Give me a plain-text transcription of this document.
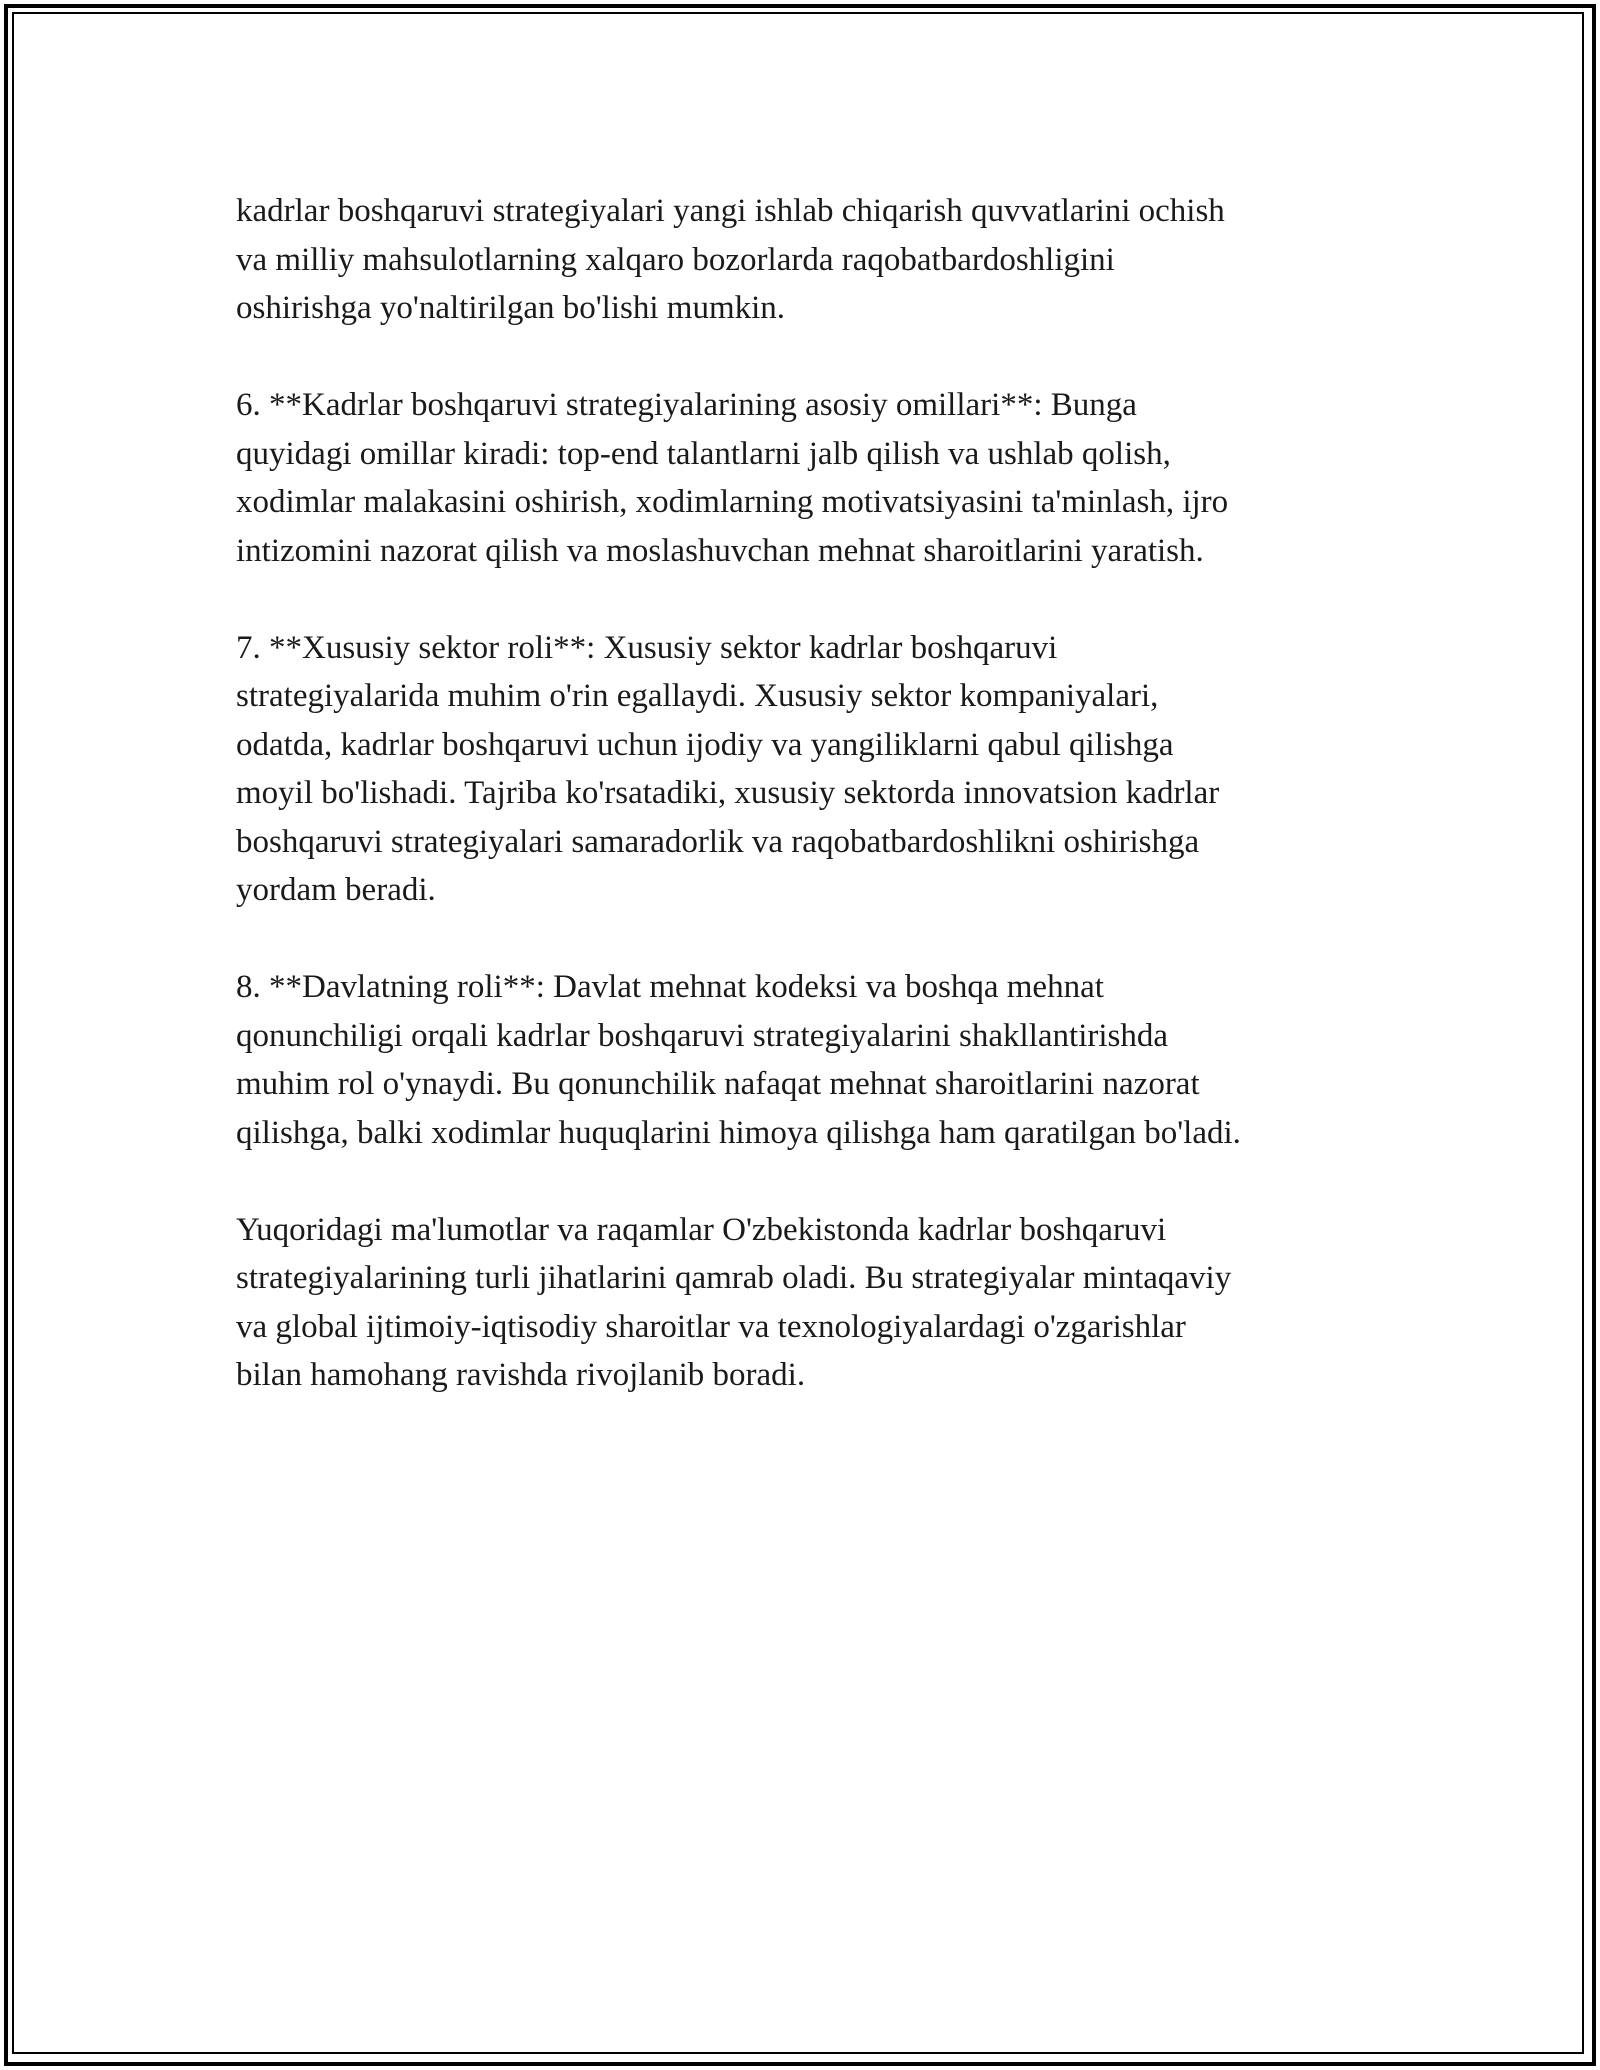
kadrlar boshqaruvi strategiyalari yangi ishlab chiqarish quvvatlarini ochish
va milliy mahsulotlarning xalqaro bozorlarda raqobatbardoshligini
oshirishga yo'naltirilgan bo'lishi mumkin.

6. **Kadrlar boshqaruvi strategiyalarining asosiy omillari**: Bunga
quyidagi omillar kiradi: top-end talantlarni jalb qilish va ushlab qolish,
xodimlar malakasini oshirish, xodimlarning motivatsiyasini ta'minlash, ijro
intizomini nazorat qilish va moslashuvchan mehnat sharoitlarini yaratish.

7. **Xususiy sektor roli**: Xususiy sektor kadrlar boshqaruvi
strategiyalarida muhim o'rin egallaydi. Xususiy sektor kompaniyalari,
odatda, kadrlar boshqaruvi uchun ijodiy va yangiliklarni qabul qilishga
moyil bo'lishadi. Tajriba ko'rsatadiki, xususiy sektorda innovatsion kadrlar
boshqaruvi strategiyalari samaradorlik va raqobatbardoshlikni oshirishga
yordam beradi.

8. **Davlatning roli**: Davlat mehnat kodeksi va boshqa mehnat
qonunchiligi orqali kadrlar boshqaruvi strategiyalarini shakllantirishda
muhim rol o'ynaydi. Bu qonunchilik nafaqat mehnat sharoitlarini nazorat
qilishga, balki xodimlar huquqlarini himoya qilishga ham qaratilgan bo'ladi.

Yuqoridagi ma'lumotlar va raqamlar O'zbekistonda kadrlar boshqaruvi
strategiyalarining turli jihatlarini qamrab oladi. Bu strategiyalar mintaqaviy
va global ijtimoiy-iqtisodiy sharoitlar va texnologiyalardagi o'zgarishlar
bilan hamohang ravishda rivojlanib boradi.
